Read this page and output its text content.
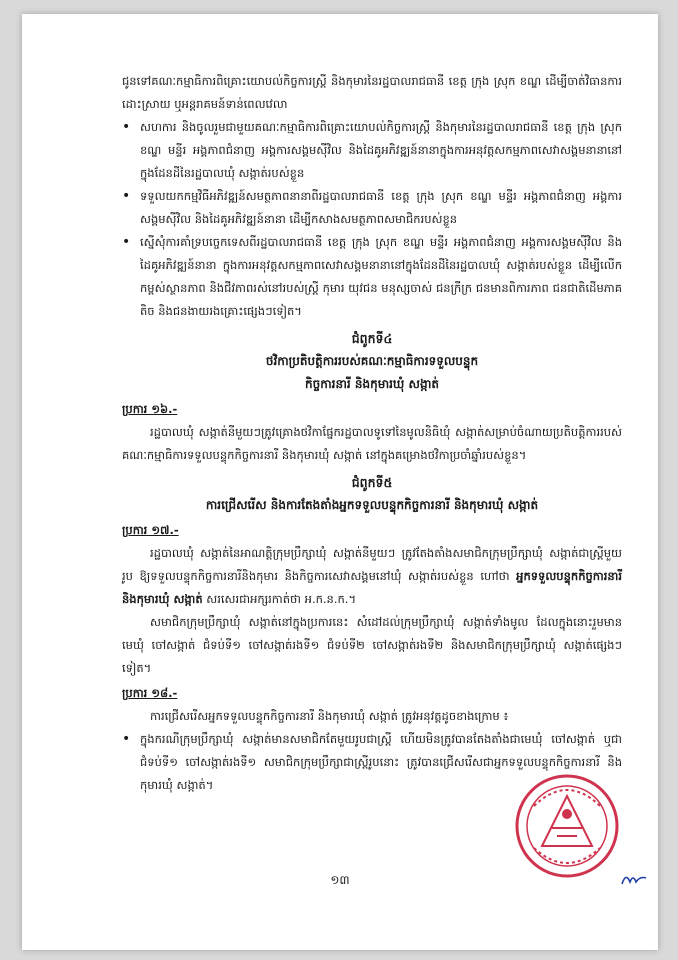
ជូនទៅគណៈកម្មាធិការពិគ្រោះយោបល់កិច្ចការស្ត្រី និងកុមារនៃរដ្ឋបាលរាជធានី ខេត្ត ក្រុង ស្រុក ខណ្ឌ ដើម្បីចាត់វិធានការដោះស្រាយ ឬអន្តរាគមន៍ទាន់ពេលវេលា

• សហការ និងចូលរួមជាមួយគណៈកម្មាធិការពិគ្រោះយោបល់កិច្ចការស្ត្រី និងកុមារនៃរដ្ឋបាលរាជធានី ខេត្ត ក្រុង ស្រុក ខណ្ឌ មន្ទីរ អង្គភាពជំនាញ អង្គការសង្គមស៊ីវិល និងដៃគូអភិវឌ្ឍន៍នានាក្នុងការអនុវត្តសកម្មភាពសេវាសង្គមនានានៅក្នុងដែនដីនៃរដ្ឋបាលឃុំ សង្កាត់របស់ខ្លួន
• ទទួលយកកម្មវិធីអភិវឌ្ឍន៍សមត្ថភាពនានាពីរដ្ឋបាលរាជធានី ខេត្ត ក្រុង ស្រុក ខណ្ឌ មន្ទីរ អង្គភាពជំនាញ អង្គការសង្គមស៊ីវិល និងដៃគូអភិវឌ្ឍន៍នានា ដើម្បីកសាងសមត្ថភាពសមាជិករបស់ខ្លួន
• ស្នើសុំការគាំទ្របច្ចេកទេសពីរដ្ឋបាលរាជធានី ខេត្ត ក្រុង ស្រុក ខណ្ឌ មន្ទីរ អង្គភាពជំនាញ អង្គការសង្គមស៊ីវិល និងដៃគូអភិវឌ្ឍន៍នានា ក្នុងការអនុវត្តសកម្មភាពសេវាសង្គមនានានៅក្នុងដែនដីនៃរដ្ឋបាលឃុំ សង្កាត់របស់ខ្លួន ដើម្បីលើកកម្ពស់ស្ថានភាព និងជីវភាពរស់នៅរបស់ស្ត្រី កុមារ យុវជន មនុស្សចាស់ ជនក្រីក្រ ជនមានពិការភាព ជនជាតិដើមភាគតិច និងជនងាយរងគ្រោះផ្សេងៗទៀត។
ជំពូកទី៤
ថវិកាប្រតិបត្តិការរបស់គណៈកម្មាធិការទទួលបន្ទុក
កិច្ចការនារី និងកុមារឃុំ សង្កាត់
ប្រការ ១៦.-

រដ្ឋបាលឃុំ សង្កាត់នីមួយៗត្រូវគ្រោងថវិកាផ្នែករដ្ឋបាលទូទៅនៃមូលនិធិឃុំ សង្កាត់សម្រាប់ចំណាយប្រតិបត្តិការរបស់គណៈកម្មាធិការទទួលបន្ទុកកិច្ចការនារី និងកុមារឃុំ សង្កាត់ នៅក្នុងគម្រោងថវិកាប្រចាំឆ្នាំរបស់ខ្លួន។

ជំពូកទី៥
ការជ្រើសរើស និងការតែងតាំងអ្នកទទួលបន្ទុកកិច្ចការនារី និងកុមារឃុំ សង្កាត់
ប្រការ ១៧.-

រដ្ឋបាលឃុំ សង្កាត់នៃអាណត្តិក្រុមប្រឹក្សាឃុំ សង្កាត់នីមួយៗ ត្រូវតែងតាំងសមាជិកក្រុមប្រឹក្សាឃុំ សង្កាត់ជាស្ត្រីមួយរូប ឱ្យទទួលបន្ទុកកិច្ចការនារីនិងកុមារ និងកិច្ចការសេវាសង្គមនៅឃុំ សង្កាត់របស់ខ្លួន ហៅថា អ្នកទទួលបន្ទុកកិច្ចការនារី និងកុមារឃុំ សង្កាត់ សរសេរជាអក្សរកាត់ថា អ.ក.ន.ក.។

សមាជិកក្រុមប្រឹក្សាឃុំ សង្កាត់នៅក្នុងប្រការនេះ សំដៅដល់ក្រុមប្រឹក្សាឃុំ សង្កាត់ទាំងមូល ដែលក្នុងនោះរួមមានមេឃុំ ចៅសង្កាត់ ជំទប់ទី១ ចៅសង្កាត់រងទី១ ជំទប់ទី២ ចៅសង្កាត់រងទី២ និងសមាជិកក្រុមប្រឹក្សាឃុំ សង្កាត់ផ្សេងៗទៀត។

ប្រការ ១៨.-

ការជ្រើសរើសអ្នកទទួលបន្ទុកកិច្ចការនារី និងកុមារឃុំ សង្កាត់ ត្រូវអនុវត្តដូចខាងក្រោម ៖

• ក្នុងករណីក្រុមប្រឹក្សាឃុំ សង្កាត់មានសមាជិកតែមួយរូបជាស្ត្រី ហើយមិនត្រូវបានតែងតាំងជាមេឃុំ ចៅសង្កាត់ ឬជាជំទប់ទី១ ចៅសង្កាត់រងទី១ សមាជិកក្រុមប្រឹក្សាជាស្ត្រីរូបនោះ ត្រូវបានជ្រើសរើសជាអ្នកទទួលបន្ទុកកិច្ចការនារី និងកុមារឃុំ សង្កាត់។
១៣
